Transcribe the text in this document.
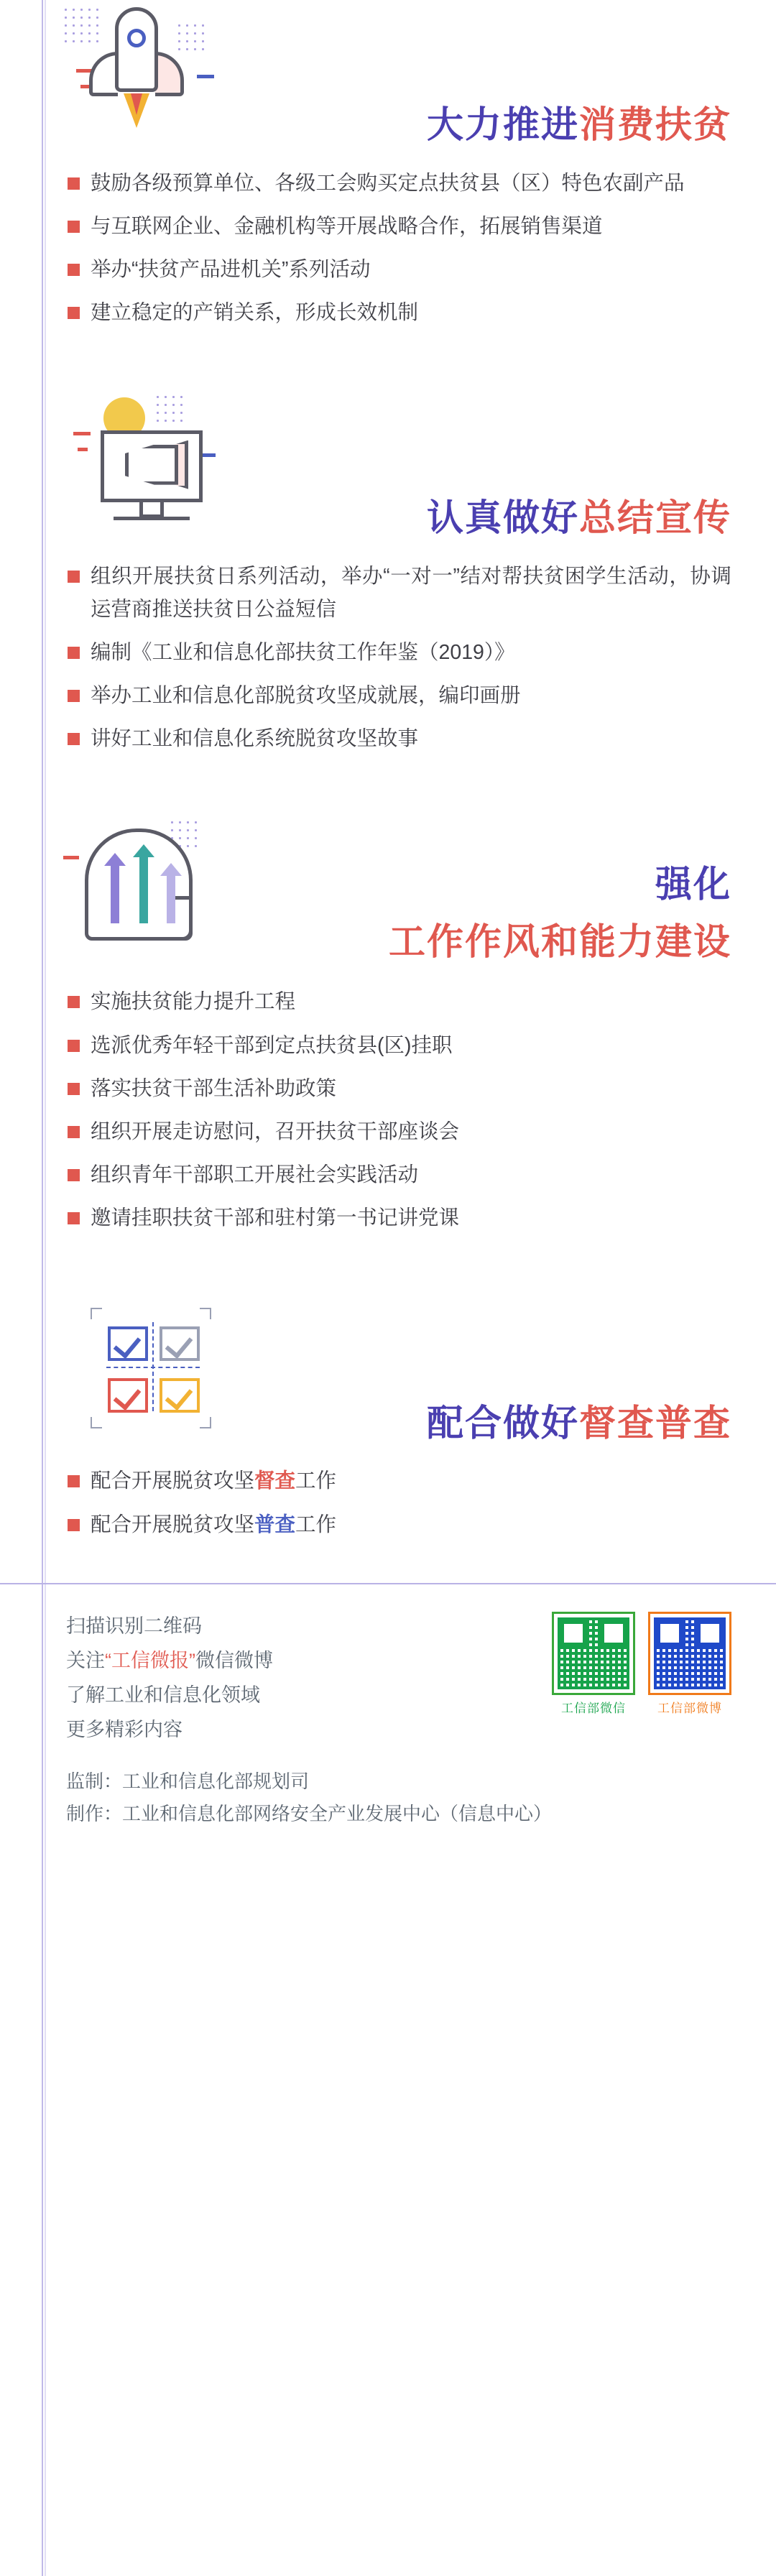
大力推进消费扶贫
鼓励各级预算单位、各级工会购买定点扶贫县（区）特色农副产品
与互联网企业、金融机构等开展战略合作，拓展销售渠道
举办“扶贫产品进机关”系列活动
建立稳定的产销关系，形成长效机制
认真做好总结宣传
组织开展扶贫日系列活动，举办“一对一”结对帮扶贫困学生活动，协调运营商推送扶贫日公益短信
编制《工业和信息化部扶贫工作年鉴（2019）》
举办工业和信息化部脱贫攻坚成就展，编印画册
讲好工业和信息化系统脱贫攻坚故事
强化
工作作风和能力建设
实施扶贫能力提升工程
选派优秀年轻干部到定点扶贫县(区)挂职
落实扶贫干部生活补助政策
组织开展走访慰问，召开扶贫干部座谈会
组织青年干部职工开展社会实践活动
邀请挂职扶贫干部和驻村第一书记讲党课
配合做好督查普查
配合开展脱贫攻坚督查工作
配合开展脱贫攻坚普查工作
扫描识别二维码
关注“工信微报”微信微博
了解工业和信息化领域
更多精彩内容
工信部微信	工信部微博
监制：工业和信息化部规划司
制作：工业和信息化部网络安全产业发展中心（信息中心）
